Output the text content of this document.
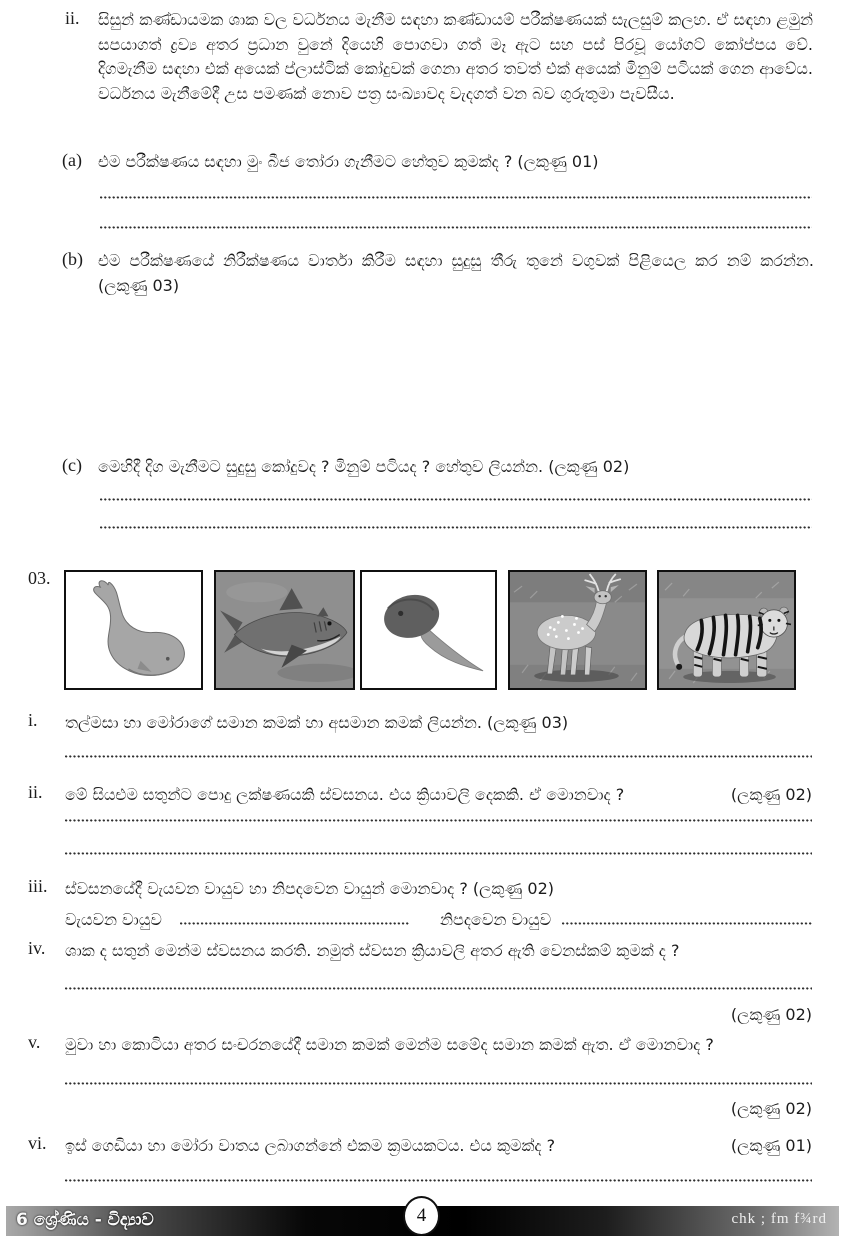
ii.	සිසුන් කණ්ඩායමක ශාක වල වර්ධනය මැනීම සඳහා කණ්ඩායම් පරීක්ෂණයක් සැලසුම් කලහ. ඒ සඳහා ළමුන් සපයාගත් ද්‍රව්‍ය අතර ප්‍රධාන වුනේ දියෙහි පොගවා ගත් මෑ ඇට සහ පස් පිරවූ යෝගට් කෝප්පය වේ. දිගමැනීම සඳහා එක් අයෙක් ප්ලාස්ටික් කෝදුවක් ගෙනා අතර තවත් එක් අයෙක් මිනුම් පටියක් ගෙන ආවේය. වර්ධනය මැනීමේදී උස පමණක් නොව පත්‍ර සංඛ්‍යාවද වැදගත් වන බව ගුරුතුමා පැවසීය.
(a)	එම පරීක්ෂණය සඳහා මුං බීජ තෝරා ගැනීමට හේතුව කුමක්ද ? (ලකුණු 01)
(b) එම පරීක්ෂණයේ නිරීක්ෂණය වාර්තා කිරීම සඳහා සුදුසු තීරු තුනේ වගුවක් පිළියෙල කර නම් කරන්න. (ලකුණු 03)
(c)	මෙහිදී දිග මැනීමට සුදුසු කෝදුවද ? මිනුම් පටියද ? හේතුව ලියන්න. (ලකුණු 02)
03.
i. තල්මසා හා මෝරාගේ සමාන කමක් හා අසමාන කමක් ලියන්න. (ලකුණු 03)
ii. මේ සියළුම සතුන්ට පොදු ලක්ෂණයකි ස්වසනය. එය ක්‍රියාවලි දෙකකි. ඒ මොනවාද ?	(ලකුණු 02)
iii. ස්වසනයේදී වැයවන වායුව හා නිපදවෙන වායුන් මොනවාද ? (ලකුණු 02)
වැයවන වායුව	නිපදවෙන වායුව
iv. ශාක ද සතුන් මෙන්ම ස්වසනය කරති. නමුත් ස්වසන ක්‍රියාවලි අතර ඇති වෙනස්කම් කුමක් ද ?
(ලකුණු 02)
v. මුවා හා කොටියා අතර සංචරනයේදී සමාන කමක් මෙන්ම සමේද සමාන කමක් ඇත. ඒ මොනවාද ?
(ලකුණු 02)
vi. ඉස් ගෙඩියා හා මෝරා වාතය ලබාගන්නේ එකම ක්‍රමයකටය. එය කුමක්ද ?	(ලකුණු 01)
6 ශ්‍රේණිය - විද්‍යාව	4	chk ; fm f¾rd
